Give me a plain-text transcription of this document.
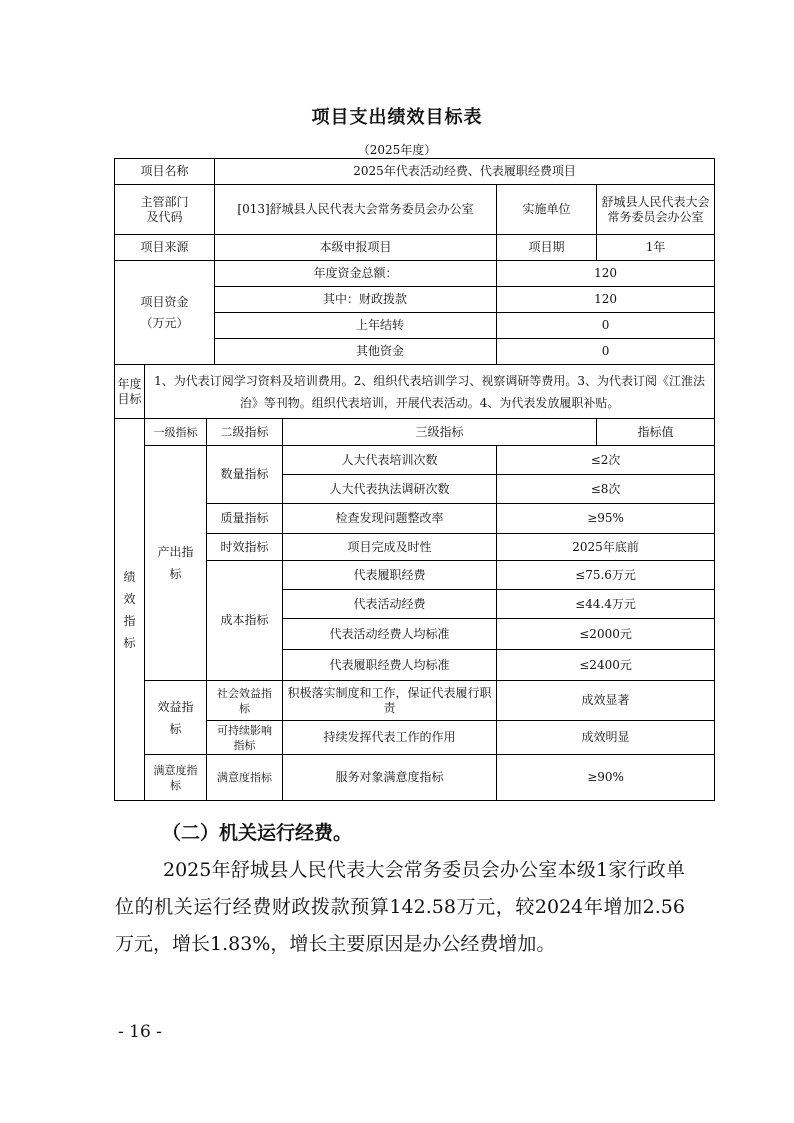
项目支出绩效目标表
（2025年度）
项目名称			2025年代表活动经费、代表履职经费项目			
主管部门
及代码			[013]舒城县人民代表大会常务委员会办公室		实施单位	舒城县人民代表大会常务委员会办公室
项目来源			本级申报项目		项目期	1年

项目资金
（万元）			年度资金总额：		120	
			其中：财政拨款		120	
			上年结转		0	
			其他资金		0	
年度目标	1、为代表订阅学习资料及培训费用。2、组织代表培训学习、视察调研等费用。3、为代表订阅《江淮法治》等刊物。组织代表培训，开展代表活动。4、为代表发放履职补贴。					
绩效指标	一级指标	二级指标		三级指标		指标值
	产出指标	数量指标		人大代表培训次数	≤2次	
				人大代表执法调研次数	≤8次	
		质量指标		检查发现问题整改率	≥95%	
		时效指标		项目完成及时性	2025年底前	
		成本指标		代表履职经费	≤75.6万元	
				代表活动经费	≤44.4万元	
				代表活动经费人均标准	≤2000元	
				代表履职经费人均标准	≤2400元	
	效益指标	社会效益指标		积极落实制度和工作，保证代表履行职责	成效显著	
		可持续影响指标		持续发挥代表工作的作用	成效明显	
	满意度指标	满意度指标		服务对象满意度指标	≥90%	
（二）机关运行经费。
2025年舒城县人民代表大会常务委员会办公室本级1家行政单位的机关运行经费财政拨款预算142.58万元，较2024年增加2.56万元，增长1.83%，增长主要原因是办公经费增加。
- 16 -
